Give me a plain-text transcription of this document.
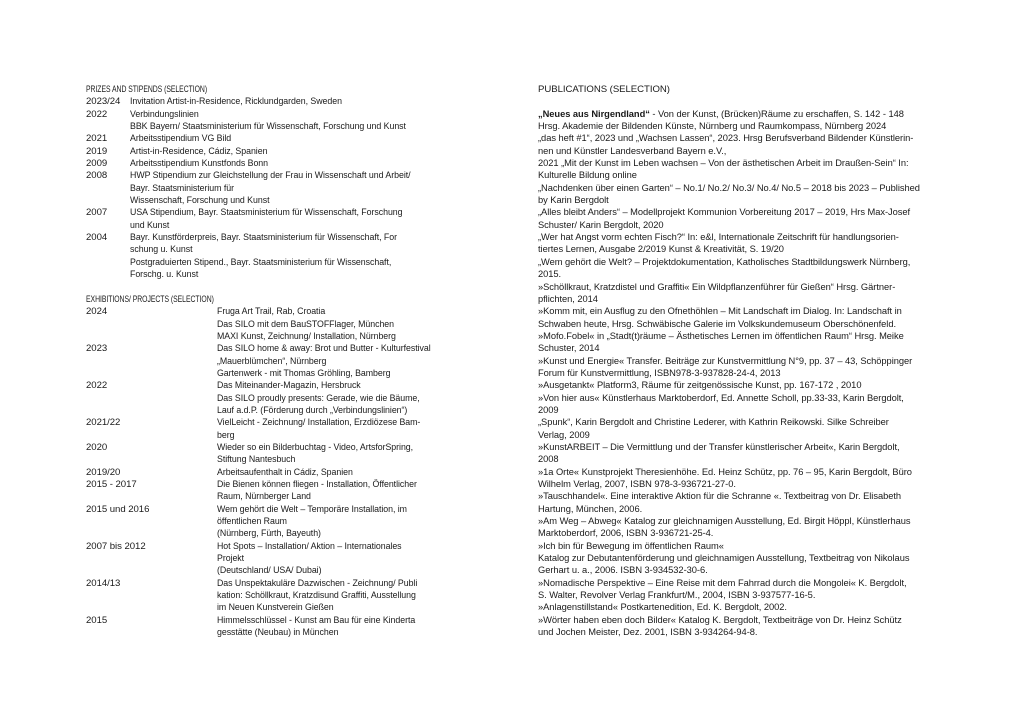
PRIZES AND STIPENDS (SELECTION)
2023/24	Invitation Artist-in-Residence, Ricklundgarden, Sweden
2022	Verbindungslinien
BBK Bayern/ Staatsministerium für Wissenschaft, Forschung und Kunst
2021	Arbeitsstipendium VG Bild
2019	Artist-in-Residence, Cádiz, Spanien
2009	Arbeitsstipendium Kunstfonds Bonn
2008	HWP Stipendium zur Gleichstellung der Frau in Wissenschaft und Arbeit/
Bayr. Staatsministerium für
Wissenschaft, Forschung und Kunst
2007	USA Stipendium, Bayr. Staatsministerium für Wissenschaft, Forschung
und Kunst
2004	Bayr. Kunstförderpreis, Bayr. Staatsministerium für Wissenschaft, For
schung u. Kunst
Postgraduierten Stipend., Bayr. Staatsministerium für Wissenschaft,
Forschg. u. Kunst
EXHIBITIONS/ PROJECTS (SELECTION)
2024	Fruga Art Trail, Rab, Croatia
Das SILO mit dem BauSTOFFlager, München
MAXI Kunst, Zeichnung/ Installation, Nürnberg
2023	Das SILO home & away: Brot und Butter - Kulturfestival
„Mauerblümchen“, Nürnberg
Gartenwerk - mit Thomas Gröhling, Bamberg
2022	Das Miteinander-Magazin, Hersbruck
Das SILO proudly presents: Gerade, wie die Bäume,
Lauf a.d.P. (Förderung durch „Verbindungslinien“)
2021/22	VielLeicht - Zeichnung/ Installation, Erzdiözese Bam-
berg
2020	Wieder so ein Bilderbuchtag - Video, ArtsforSpring,
Stiftung Nantesbuch
2019/20	Arbeitsaufenthalt in Cádiz, Spanien
2015 - 2017	Die Bienen können fliegen - Installation, Öffentlicher
Raum, Nürnberger Land
2015 und 2016	Wem gehört die Welt – Temporäre Installation, im
öffentlichen Raum
(Nürnberg, Fürth, Bayeuth)
2007 bis 2012	Hot Spots – Installation/ Aktion – Internationales
Projekt
(Deutschland/ USA/ Dubai)
2014/13	Das Unspektakuläre Dazwischen - Zeichnung/ Publi
kation: Schöllkraut, Kratzdisund Graffiti, Ausstellung
im Neuen Kunstverein Gießen
2015	Himmelsschlüssel - Kunst am Bau für eine Kinderta
gesstätte (Neubau) in München
PUBLICATIONS (SELECTION)
„Neues aus Nirgendland“ - Von der Kunst, (Brücken)Räume zu erschaffen, S. 142 - 148
Hrsg. Akademie der Bildenden Künste, Nürnberg und Raumkompass, Nürnberg 2024
„das heft #1“, 2023 und „Wachsen Lassen“, 2023. Hrsg Berufsverband Bildender Künstlerin-
nen und Künstler Landesverband Bayern e.V.,
2021 „Mit der Kunst im Leben wachsen – Von der ästhetischen Arbeit im Draußen-Sein“ In:
Kulturelle Bildung online
„Nachdenken über einen Garten“ – No.1/ No.2/ No.3/ No.4/ No.5 – 2018 bis 2023 – Published
by Karin Bergdolt
„Alles bleibt Anders“ – Modellprojekt Kommunion Vorbereitung 2017 – 2019, Hrs Max-Josef
Schuster/ Karin Bergdolt, 2020
„Wer hat Angst vorm echten Fisch?“ In: e&l, Internationale Zeitschrift für handlungsorien-
tiertes Lernen, Ausgabe 2/2019 Kunst & Kreativität, S. 19/20
„Wem gehört die Welt? – Projektdokumentation, Katholisches Stadtbildungswerk Nürnberg,
2015.
»Schöllkraut, Kratzdistel und Graffiti« Ein Wildpflanzenführer für Gießen“ Hrsg. Gärtner-
pflichten, 2014
»Komm mit, ein Ausflug zu den Ofnethöhlen – Mit Landschaft im Dialog. In: Landschaft in
Schwaben heute, Hrsg. Schwäbische Galerie im Volkskundemuseum Oberschönenfeld.
»Mofo.Fobel« in „Stadt(t)räume – Ästhetisches Lernen im öffentlichen Raum“ Hrsg. Meike
Schuster, 2014
»Kunst und Energie« Transfer. Beiträge zur Kunstvermittlung N°9, pp. 37 – 43, Schöppinger
Forum für Kunstvermittlung, ISBN978-3-937828-24-4, 2013
»Ausgetankt« Platform3, Räume für zeitgenössische Kunst, pp. 167-172 , 2010
»Von hier aus« Künstlerhaus Marktoberdorf, Ed. Annette Scholl, pp.33-33, Karin Bergdolt,
2009
„Spunk“, Karin Bergdolt and Christine Lederer, with Kathrin Reikowski. Silke Schreiber
Verlag, 2009
»KunstARBEIT – Die Vermittlung und der Transfer künstlerischer Arbeit«, Karin Bergdolt,
2008
»1a Orte« Kunstprojekt Theresienhöhe. Ed. Heinz Schütz, pp. 76 – 95, Karin Bergdolt, Büro
Wilhelm Verlag, 2007, ISBN 978-3-936721-27-0.
»Tauschhandel«. Eine interaktive Aktion für die Schranne «. Textbeitrag von Dr. Elisabeth
Hartung, München, 2006.
»Am Weg – Abweg« Katalog zur gleichnamigen Ausstellung, Ed. Birgit Höppl, Künstlerhaus
Marktoberdorf, 2006, ISBN 3-936721-25-4.
»Ich bin für Bewegung im öffentlichen Raum«
Katalog zur Debutantenförderung und gleichnamigen Ausstellung, Textbeitrag von Nikolaus
Gerhart u. a., 2006. ISBN 3-934532-30-6.
»Nomadische Perspektive – Eine Reise mit dem Fahrrad durch die Mongolei« K. Bergdolt,
S. Walter, Revolver Verlag Frankfurt/M., 2004, ISBN 3-937577-16-5.
»Anlagenstillstand« Postkartenedition, Ed. K. Bergdolt, 2002.
»Wörter haben eben doch Bilder« Katalog K. Bergdolt, Textbeiträge von Dr. Heinz Schütz
und Jochen Meister, Dez. 2001, ISBN 3-934264-94-8.
